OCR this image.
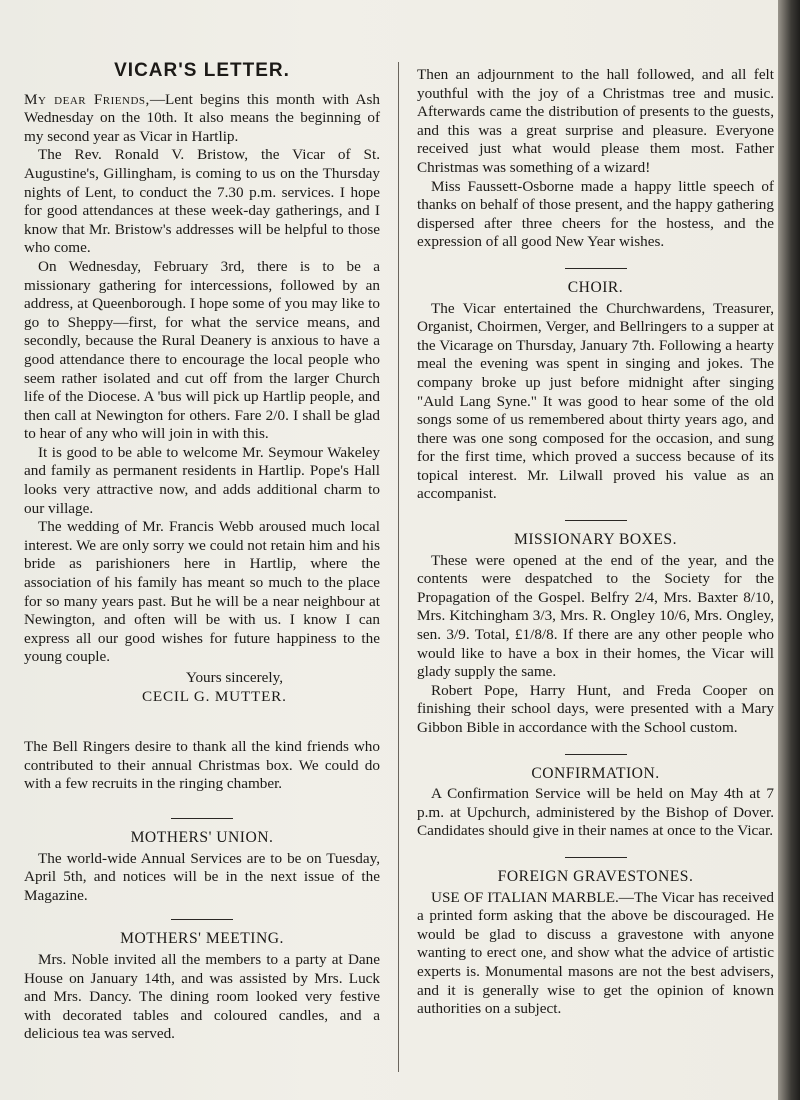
VICAR'S LETTER.

My dear Friends,—Lent begins this month with Ash Wednesday on the 10th. It also means the beginning of my second year as Vicar in Hartlip.

The Rev. Ronald V. Bristow, the Vicar of St. Augustine's, Gillingham, is coming to us on the Thursday nights of Lent, to conduct the 7.30 p.m. services. I hope for good attendances at these week-day gatherings, and I know that Mr. Bristow's addresses will be helpful to those who come.

On Wednesday, February 3rd, there is to be a missionary gathering for intercessions, followed by an address, at Queenborough. I hope some of you may like to go to Sheppy—first, for what the service means, and secondly, because the Rural Deanery is anxious to have a good attendance there to encourage the local people who seem rather isolated and cut off from the larger Church life of the Diocese. A 'bus will pick up Hartlip people, and then call at Newington for others. Fare 2/0. I shall be glad to hear of any who will join in with this.

It is good to be able to welcome Mr. Seymour Wakeley and family as permanent residents in Hartlip. Pope's Hall looks very attractive now, and adds additional charm to our village.

The wedding of Mr. Francis Webb aroused much local interest. We are only sorry we could not retain him and his bride as parishioners here in Hartlip, where the association of his family has meant so much to the place for so many years past. But he will be a near neighbour at Newington, and often will be with us. I know I can express all our good wishes for future happiness to the young couple.

Yours sincerely,

CECIL G. MUTTER.

The Bell Ringers desire to thank all the kind friends who contributed to their annual Christmas box. We could do with a few recruits in the ringing chamber.

MOTHERS' UNION.

The world-wide Annual Services are to be on Tuesday, April 5th, and notices will be in the next issue of the Magazine.

MOTHERS' MEETING.

Mrs. Noble invited all the members to a party at Dane House on January 14th, and was assisted by Mrs. Luck and Mrs. Dancy. The dining room looked very festive with decorated tables and coloured candles, and a delicious tea was served.

Then an adjournment to the hall followed, and all felt youthful with the joy of a Christmas tree and music. Afterwards came the distribution of presents to the guests, and this was a great surprise and pleasure. Everyone received just what would please them most. Father Christmas was something of a wizard!

Miss Faussett-Osborne made a happy little speech of thanks on behalf of those present, and the happy gathering dispersed after three cheers for the hostess, and the expression of all good New Year wishes.

CHOIR.

The Vicar entertained the Churchwardens, Treasurer, Organist, Choirmen, Verger, and Bellringers to a supper at the Vicarage on Thursday, January 7th. Following a hearty meal the evening was spent in singing and jokes. The company broke up just before midnight after singing "Auld Lang Syne." It was good to hear some of the old songs some of us remembered about thirty years ago, and there was one song composed for the occasion, and sung for the first time, which proved a success because of its topical interest. Mr. Lilwall proved his value as an accompanist.

MISSIONARY BOXES.

These were opened at the end of the year, and the contents were despatched to the Society for the Propagation of the Gospel. Belfry 2/4, Mrs. Baxter 8/10, Mrs. Kitchingham 3/3, Mrs. R. Ongley 10/6, Mrs. Ongley, sen. 3/9. Total, £1/8/8. If there are any other people who would like to have a box in their homes, the Vicar will glady supply the same.

Robert Pope, Harry Hunt, and Freda Cooper on finishing their school days, were presented with a Mary Gibbon Bible in accordance with the School custom.

CONFIRMATION.

A Confirmation Service will be held on May 4th at 7 p.m. at Upchurch, administered by the Bishop of Dover. Candidates should give in their names at once to the Vicar.

FOREIGN GRAVESTONES.

USE OF ITALIAN MARBLE.—The Vicar has received a printed form asking that the above be discouraged. He would be glad to discuss a gravestone with anyone wanting to erect one, and show what the advice of artistic experts is. Monumental masons are not the best advisers, and it is generally wise to get the opinion of known authorities on a subject.
